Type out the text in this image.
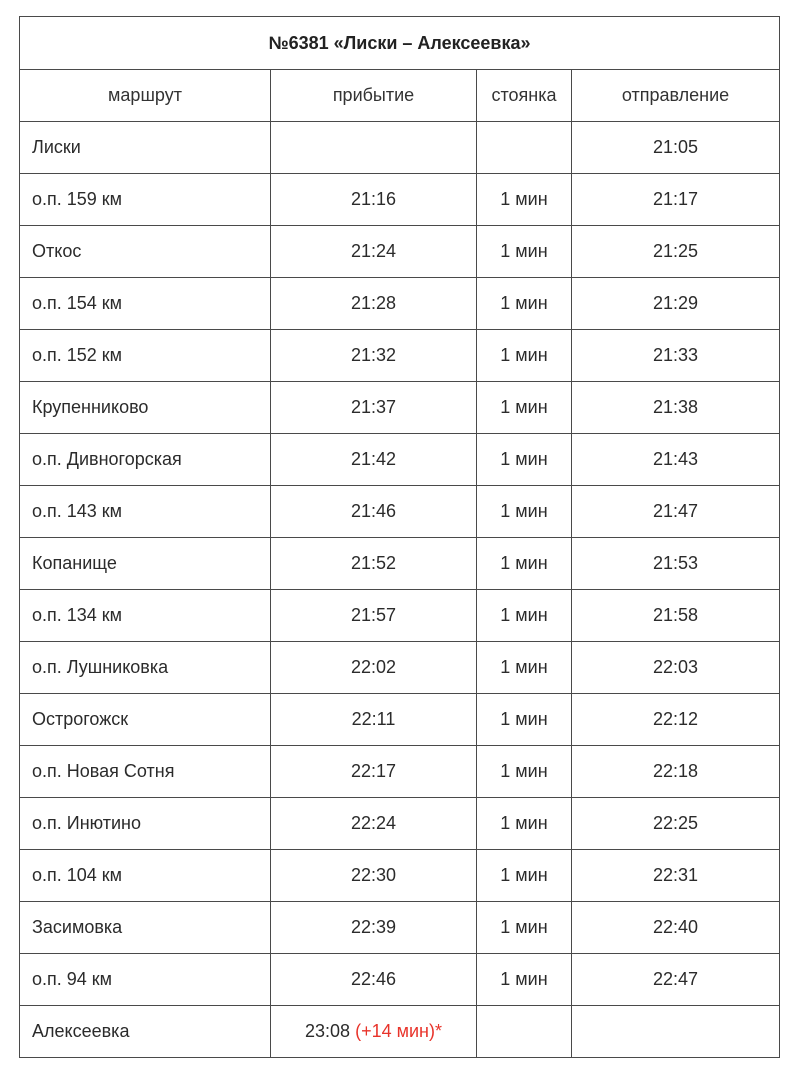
№6381 «Лиски – Алексеевка»			
маршрут	прибытие	стоянка	отправление
Лиски			21:05
о.п. 159 км	21:16	1 мин	21:17
Откос	21:24	1 мин	21:25
о.п. 154 км	21:28	1 мин	21:29
о.п. 152 км	21:32	1 мин	21:33
Крупенниково	21:37	1 мин	21:38
о.п. Дивногорская	21:42	1 мин	21:43
о.п. 143 км	21:46	1 мин	21:47
Копанище	21:52	1 мин	21:53
о.п. 134 км	21:57	1 мин	21:58
о.п. Лушниковка	22:02	1 мин	22:03
Острогожск	22:11	1 мин	22:12
о.п. Новая Сотня	22:17	1 мин	22:18
о.п. Инютино	22:24	1 мин	22:25
о.п. 104 км	22:30	1 мин	22:31
Засимовка	22:39	1 мин	22:40
о.п. 94 км	22:46	1 мин	22:47
Алексеевка	23:08 (+14 мин)*		
